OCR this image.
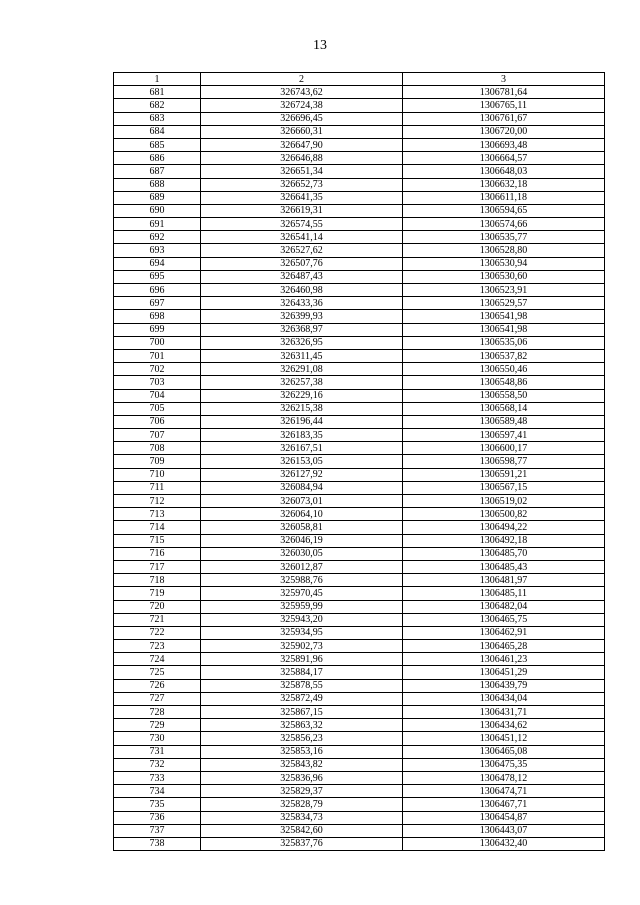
13
1	2	3
681	326743,62	1306781,64
682	326724,38	1306765,11
683	326696,45	1306761,67
684	326660,31	1306720,00
685	326647,90	1306693,48
686	326646,88	1306664,57
687	326651,34	1306648,03
688	326652,73	1306632,18
689	326641,35	1306611,18
690	326619,31	1306594,65
691	326574,55	1306574,66
692	326541,14	1306535,77
693	326527,62	1306528,80
694	326507,76	1306530,94
695	326487,43	1306530,60
696	326460,98	1306523,91
697	326433,36	1306529,57
698	326399,93	1306541,98
699	326368,97	1306541,98
700	326326,95	1306535,06
701	326311,45	1306537,82
702	326291,08	1306550,46
703	326257,38	1306548,86
704	326229,16	1306558,50
705	326215,38	1306568,14
706	326196,44	1306589,48
707	326183,35	1306597,41
708	326167,51	1306600,17
709	326153,05	1306598,77
710	326127,92	1306591,21
711	326084,94	1306567,15
712	326073,01	1306519,02
713	326064,10	1306500,82
714	326058,81	1306494,22
715	326046,19	1306492,18
716	326030,05	1306485,70
717	326012,87	1306485,43
718	325988,76	1306481,97
719	325970,45	1306485,11
720	325959,99	1306482,04
721	325943,20	1306465,75
722	325934,95	1306462,91
723	325902,73	1306465,28
724	325891,96	1306461,23
725	325884,17	1306451,29
726	325878,55	1306439,79
727	325872,49	1306434,04
728	325867,15	1306431,71
729	325863,32	1306434,62
730	325856,23	1306451,12
731	325853,16	1306465,08
732	325843,82	1306475,35
733	325836,96	1306478,12
734	325829,37	1306474,71
735	325828,79	1306467,71
736	325834,73	1306454,87
737	325842,60	1306443,07
738	325837,76	1306432,40
